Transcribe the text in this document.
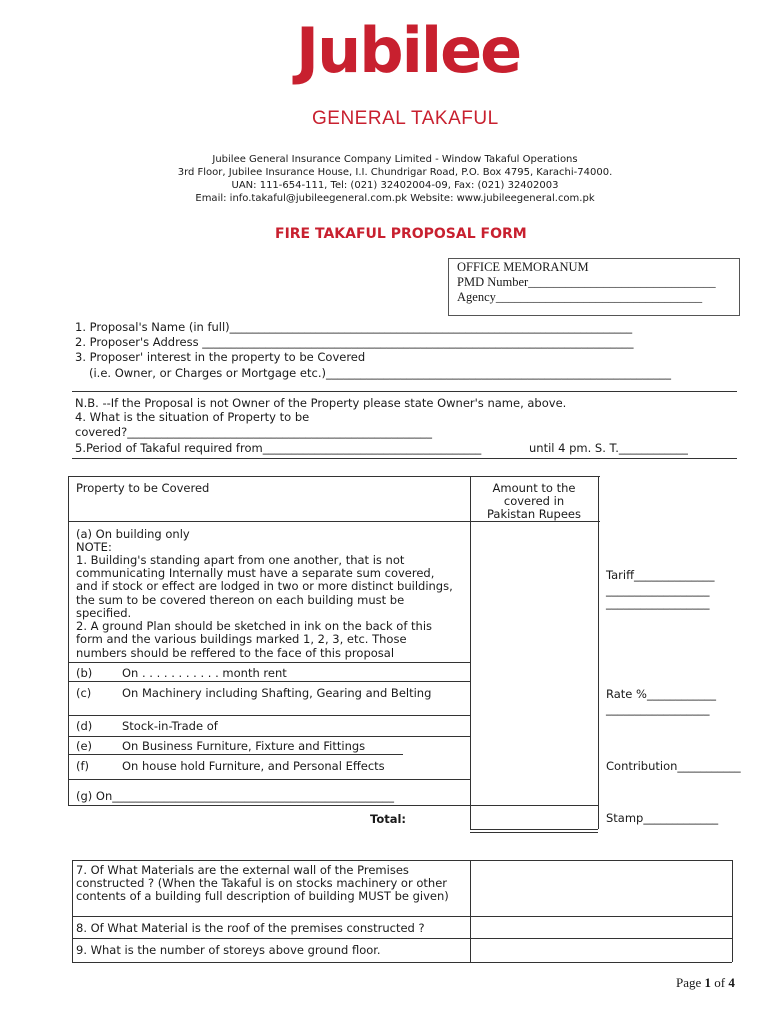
Jubilee
GENERAL TAKAFUL
Jubilee General Insurance Company Limited - Window Takaful Operations
3rd Floor, Jubilee Insurance House, I.I. Chundrigar Road, P.O. Box 4795, Karachi-74000.
UAN: 111-654-111, Tel: (021) 32402004-09, Fax: (021) 32402003
Email: info.takaful@jubileegeneral.com.pk Website: www.jubileegeneral.com.pk
FIRE TAKAFUL PROPOSAL FORM
OFFICE MEMORANUM
PMD Number______________________________
Agency_________________________________
1. Proposal's Name (in full)______________________________________________________________________
2. Proposer's Address ___________________________________________________________________________
3. Proposer' interest in the property to be Covered
(i.e. Owner, or Charges or Mortgage etc.)____________________________________________________________
N.B. --If the Proposal is not Owner of the Property please state Owner's name, above.
4. What is the situation of Property to be
covered?_____________________________________________________
5.Period of Takaful required from______________________________________	until 4 pm. S. T.____________
Property to be Covered	Amount to the
covered in
Pakistan Rupees
(a) On building only
NOTE:
1. Building's standing apart from one another, that is not
communicating Internally must have a separate sum covered,
and if stock or effect are lodged in two or more distinct buildings,
the sum to be covered thereon on each building must be
specified.
2. A ground Plan should be sketched in ink on the back of this
form and the various buildings marked 1, 2, 3, etc. Those
numbers should be reffered to the face of this proposal
(b)	On . . . . . . . . . . . month rent
(c)	On Machinery including Shafting, Gearing and Belting
(d)	Stock-in-Trade of
(e)	On Business Furniture, Fixture and Fittings
(f)	On house hold Furniture, and Personal Effects
(g) On_________________________________________________
Total:
Tariff______________
__________________
__________________
Rate %____________
__________________
Contribution___________
Stamp_____________
7. Of What Materials are the external wall of the Premises
constructed ? (When the Takaful is on stocks machinery or other
contents of a building full description of building MUST be given)
8. Of What Material is the roof of the premises constructed ?
9. What is the number of storeys above ground floor.
Page 1 of 4
